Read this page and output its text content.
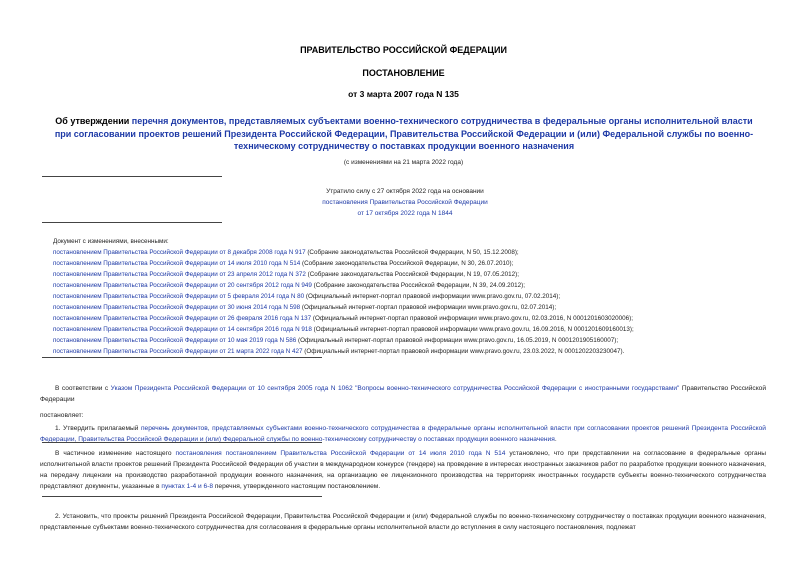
ПРАВИТЕЛЬСТВО РОССИЙСКОЙ ФЕДЕРАЦИИ
ПОСТАНОВЛЕНИЕ
от 3 марта 2007 года N 135
Об утверждении перечня документов, представляемых субъектами военно-технического сотрудничества в федеральные органы исполнительной власти при согласовании проектов решений Президента Российской Федерации, Правительства Российской Федерации и (или) Федеральной службы по военно-техническому сотрудничеству о поставках продукции военного назначения
(с изменениями на 21 марта 2022 года)
Утратило силу с 27 октября 2022 года на основании
постановления Правительства Российской Федерации
от 17 октября 2022 года N 1844
Документ с изменениями, внесенными:
постановлением Правительства Российской Федерации от 8 декабря 2008 года N 917 (Собрание законодательства Российской Федерации, N 50, 15.12.2008);
постановлением Правительства Российской Федерации от 14 июля 2010 года N 514 (Собрание законодательства Российской Федерации, N 30, 26.07.2010);
постановлением Правительства Российской Федерации от 23 апреля 2012 года N 372 (Собрание законодательства Российской Федерации, N 19, 07.05.2012);
постановлением Правительства Российской Федерации от 20 сентября 2012 года N 949 (Собрание законодательства Российской Федерации, N 39, 24.09.2012);
постановлением Правительства Российской Федерации от 5 февраля 2014 года N 80 (Официальный интернет-портал правовой информации www.pravo.gov.ru, 07.02.2014);
постановлением Правительства Российской Федерации от 30 июня 2014 года N 598 (Официальный интернет-портал правовой информации www.pravo.gov.ru, 02.07.2014);
постановлением Правительства Российской Федерации от 26 февраля 2016 года N 137 (Официальный интернет-портал правовой информации www.pravo.gov.ru, 02.03.2016, N 0001201603020006);
постановлением Правительства Российской Федерации от 14 сентября 2016 года N 918 (Официальный интернет-портал правовой информации www.pravo.gov.ru, 16.09.2016, N 0001201609160013);
постановлением Правительства Российской Федерации от 10 мая 2019 года N 586 (Официальный интернет-портал правовой информации www.pravo.gov.ru, 16.05.2019, N 0001201905160007);
постановлением Правительства Российской Федерации от 21 марта 2022 года N 427 (Официальный интернет-портал правовой информации www.pravo.gov.ru, 23.03.2022, N 0001202203230047).
В соответствии с Указом Президента Российской Федерации от 10 сентября 2005 года N 1062 "Вопросы военно-технического сотрудничества Российской Федерации с иностранными государствами" Правительство Российской Федерации
постановляет:
1. Утвердить прилагаемый перечень документов, представляемых субъектами военно-технического сотрудничества в федеральные органы исполнительной власти при согласовании проектов решений Президента Российской Федерации, Правительства Российской Федерации и (или) Федеральной службы по военно-техническому сотрудничеству о поставках продукции военного назначения.
В частичное изменение настоящего постановления постановлением Правительства Российской Федерации от 14 июля 2010 года N 514 установлено, что при представлении на согласование в федеральные органы исполнительной власти проектов решений Президента Российской Федерации об участии в международном конкурсе (тендере) на проведение в интересах иностранных заказчиков работ по разработке продукции военного назначения, на передачу лицензии на производство разработанной продукции военного назначения, на организацию ее лицензионного производства на территориях иностранных государств субъекты военно-технического сотрудничества представляют документы, указанные в пунктах 1-4 и 6-8 перечня, утвержденного настоящим постановлением.
2. Установить, что проекты решений Президента Российской Федерации, Правительства Российской Федерации и (или) Федеральной службы по военно-техническому сотрудничеству о поставках продукции военного назначения, представленные субъектами военно-технического сотрудничества для согласования в федеральные органы исполнительной власти до вступления в силу настоящего постановления, подлежат
